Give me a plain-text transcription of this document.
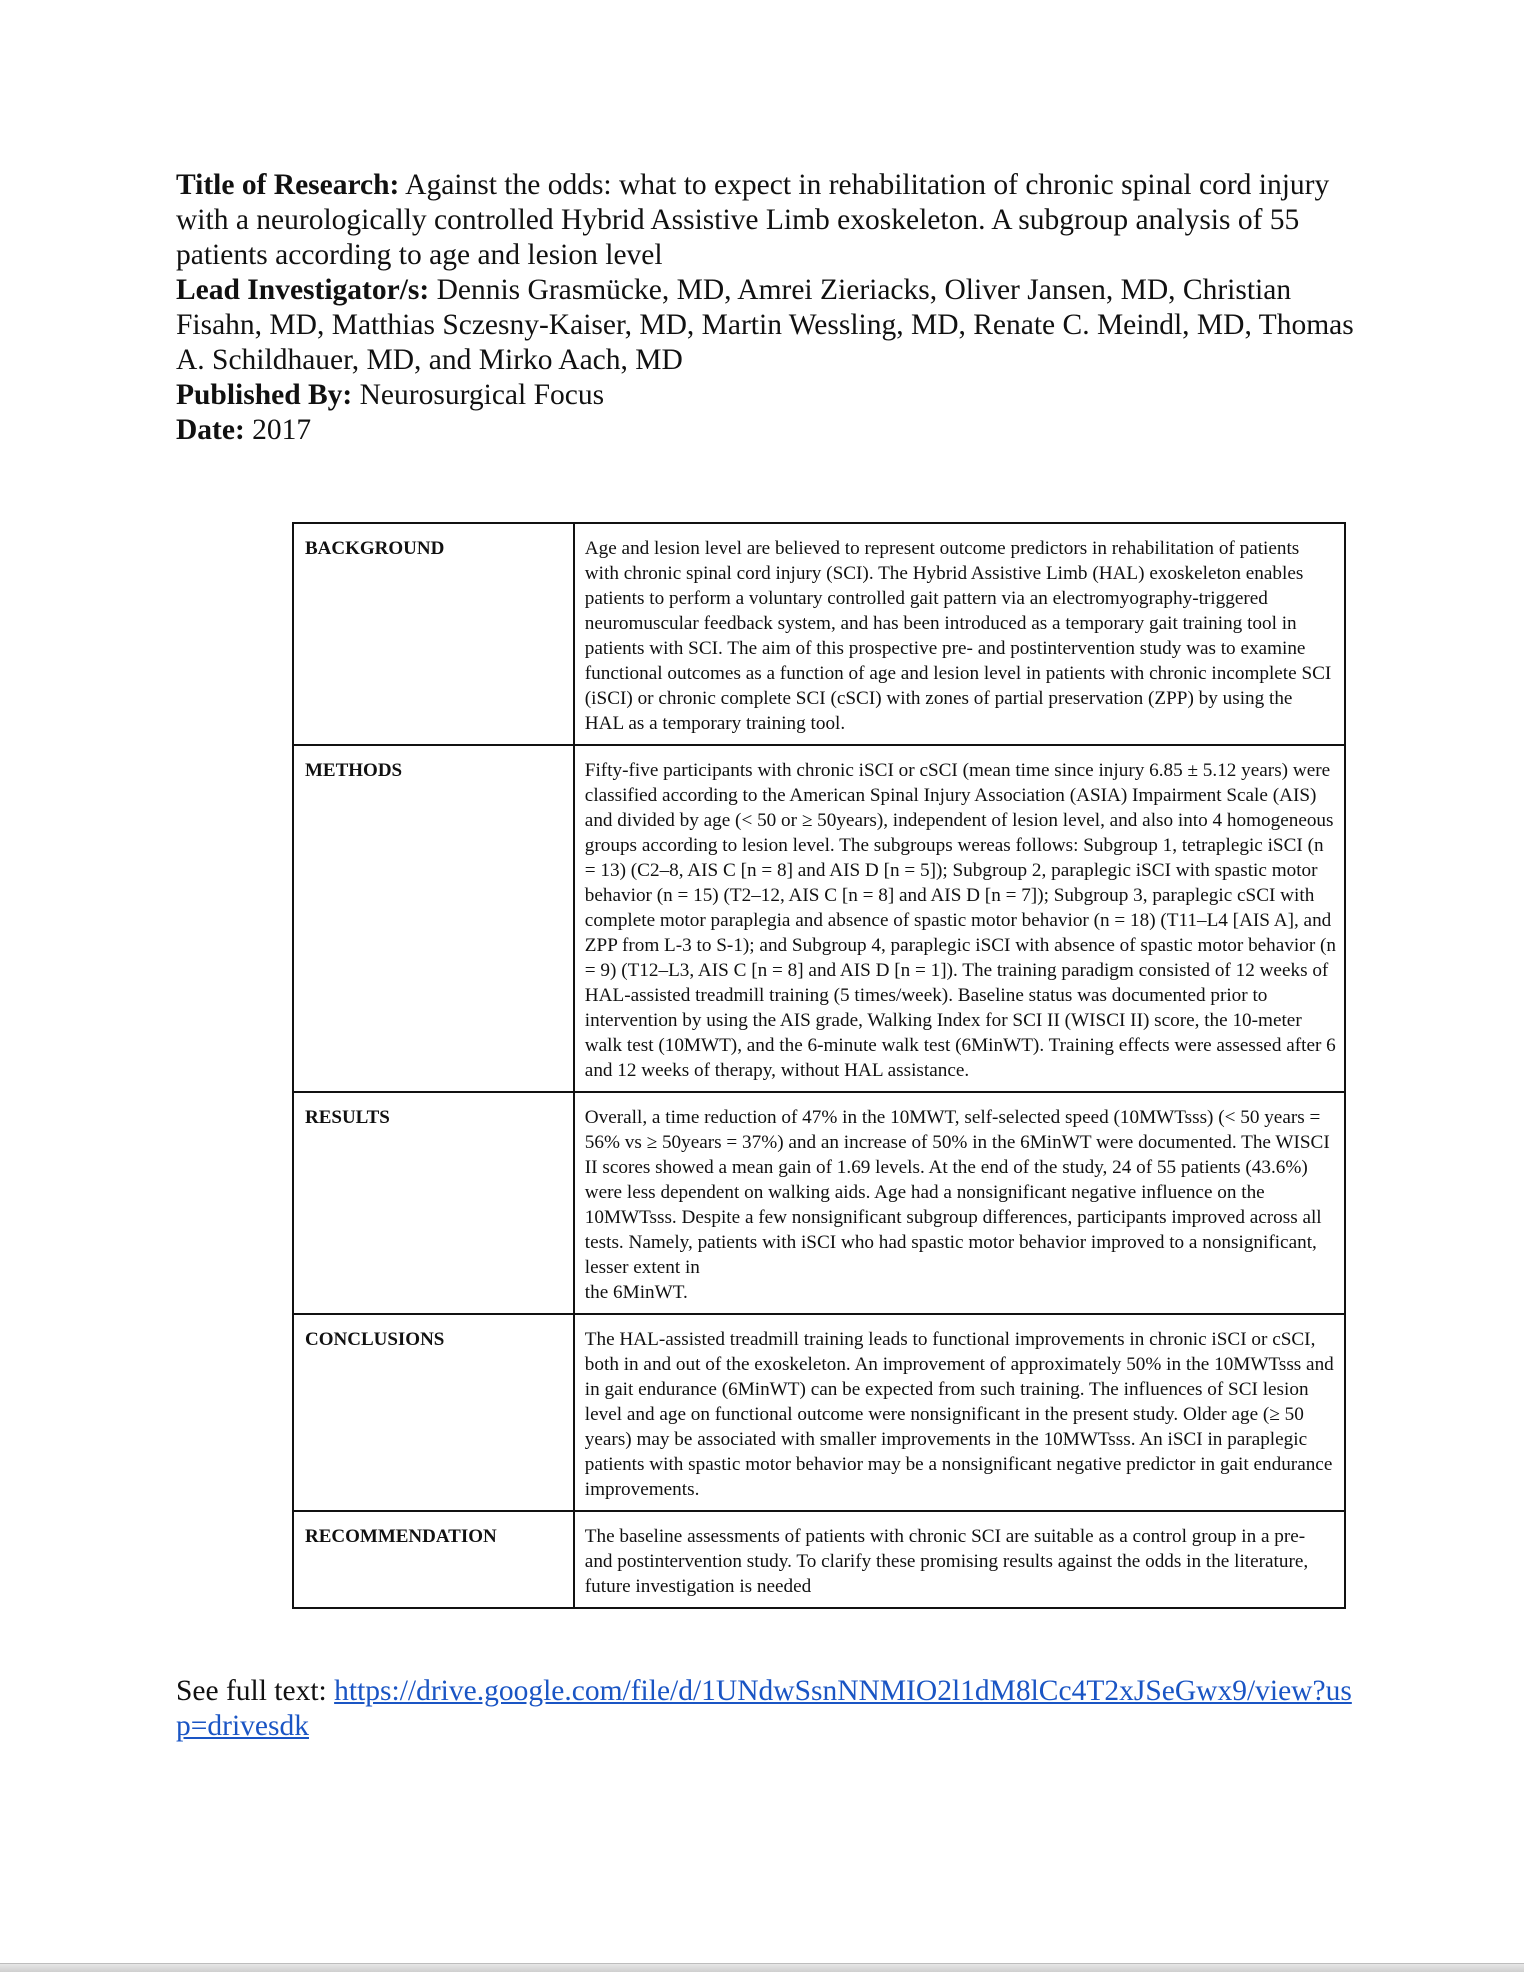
Title of Research: Against the odds: what to expect in rehabilitation of chronic spinal cord injury with a neurologically controlled Hybrid Assistive Limb exoskeleton. A subgroup analysis of 55 patients according to age and lesion level

Lead Investigator/s: Dennis Grasmücke, MD, Amrei Zieriacks, Oliver Jansen, MD, Christian Fisahn, MD, Matthias Sczesny-Kaiser, MD, Martin Wessling, MD, Renate C. Meindl, MD, Thomas A. Schildhauer, MD, and Mirko Aach, MD

Published By: Neurosurgical Focus

Date: 2017

BACKGROUND	Age and lesion level are believed to represent outcome predictors in rehabilitation of patients with chronic spinal cord injury (SCI). The Hybrid Assistive Limb (HAL) exoskeleton enables patients to perform a voluntary controlled gait pattern via an electromyography-triggered neuromuscular feedback system, and has been introduced as a temporary gait training tool in patients with SCI. The aim of this prospective pre- and postintervention study was to examine functional outcomes as a function of age and lesion level in patients with chronic incomplete SCI (iSCI) or chronic complete SCI (cSCI) with zones of partial preservation (ZPP) by using the HAL as a temporary training tool.
METHODS	Fifty-five participants with chronic iSCI or cSCI (mean time since injury 6.85 ± 5.12 years) were classified according to the American Spinal Injury Association (ASIA) Impairment Scale (AIS) and divided by age (< 50 or ≥ 50years), independent of lesion level, and also into 4 homogeneous groups according to lesion level. The subgroups wereas follows: Subgroup 1, tetraplegic iSCI (n = 13) (C2–8, AIS C [n = 8] and AIS D [n = 5]); Subgroup 2, paraplegic iSCI with spastic motor behavior (n = 15) (T2–12, AIS C [n = 8] and AIS D [n = 7]); Subgroup 3, paraplegic cSCI with complete motor paraplegia and absence of spastic motor behavior (n = 18) (T11–L4 [AIS A], and ZPP from L-3 to S-1); and Subgroup 4, paraplegic iSCI with absence of spastic motor behavior (n = 9) (T12–L3, AIS C [n = 8] and AIS D [n = 1]). The training paradigm consisted of 12 weeks of HAL-assisted treadmill training (5 times/week). Baseline status was documented prior to intervention by using the AIS grade, Walking Index for SCI II (WISCI II) score, the 10-meter walk test (10MWT), and the 6-minute walk test (6MinWT). Training effects were assessed after 6 and 12 weeks of therapy, without HAL assistance.
RESULTS	Overall, a time reduction of 47% in the 10MWT, self-selected speed (10MWTsss) (< 50 years = 56% vs ≥ 50years = 37%) and an increase of 50% in the 6MinWT were documented. The WISCI II scores showed a mean gain of 1.69 levels. At the end of the study, 24 of 55 patients (43.6%) were less dependent on walking aids. Age had a nonsignificant negative influence on the 10MWTsss. Despite a few nonsignificant subgroup differences, participants improved across all tests. Namely, patients with iSCI who had spastic motor behavior improved to a nonsignificant, lesser extent in
the 6MinWT.
CONCLUSIONS	The HAL-assisted treadmill training leads to functional improvements in chronic iSCI or cSCI, both in and out of the exoskeleton. An improvement of approximately 50% in the 10MWTsss and in gait endurance (6MinWT) can be expected from such training. The influences of SCI lesion level and age on functional outcome were nonsignificant in the present study. Older age (≥ 50 years) may be associated with smaller improvements in the 10MWTsss. An iSCI in paraplegic patients with spastic motor behavior may be a nonsignificant negative predictor in gait endurance improvements.
RECOMMENDATION	The baseline assessments of patients with chronic SCI are suitable as a control group in a pre- and postintervention study. To clarify these promising results against the odds in the literature, future investigation is needed
See full text: https://drive.google.com/file/d/1UNdwSsnNNMIO2l1dM8lCc4T2xJSeGwx9/view?usp=drivesdk
